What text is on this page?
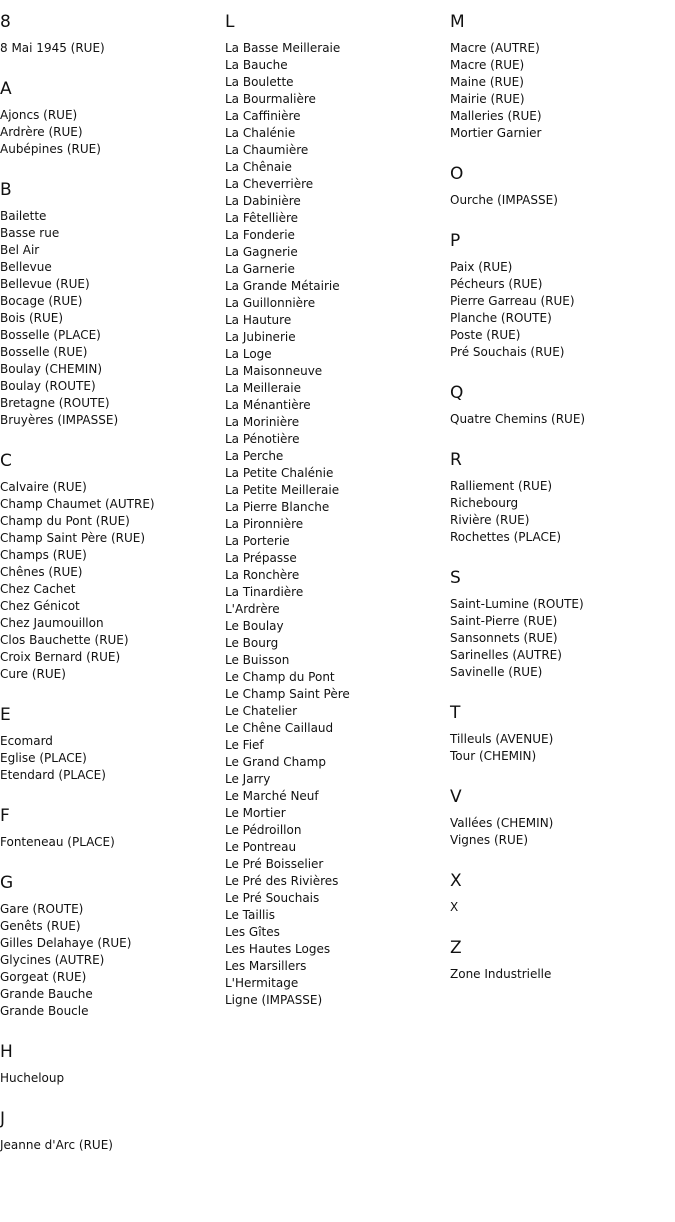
8
8 Mai 1945 (RUE)
A
Ajoncs (RUE)
Ardrère (RUE)
Aubépines (RUE)
B
Bailette
Basse rue
Bel Air
Bellevue
Bellevue (RUE)
Bocage (RUE)
Bois (RUE)
Bosselle (PLACE)
Bosselle (RUE)
Boulay (CHEMIN)
Boulay (ROUTE)
Bretagne (ROUTE)
Bruyères (IMPASSE)
C
Calvaire (RUE)
Champ Chaumet (AUTRE)
Champ du Pont (RUE)
Champ Saint Père (RUE)
Champs (RUE)
Chênes (RUE)
Chez Cachet
Chez Génicot
Chez Jaumouillon
Clos Bauchette (RUE)
Croix Bernard (RUE)
Cure (RUE)
E
Ecomard
Eglise (PLACE)
Etendard (PLACE)
F
Fonteneau (PLACE)
G
Gare (ROUTE)
Genêts (RUE)
Gilles Delahaye (RUE)
Glycines (AUTRE)
Gorgeat (RUE)
Grande Bauche
Grande Boucle
H
Hucheloup
J
Jeanne d'Arc (RUE)
L
La Basse Meilleraie
La Bauche
La Boulette
La Bourmalière
La Caffinière
La Chalénie
La Chaumière
La Chênaie
La Cheverrière
La Dabinière
La Fêtellière
La Fonderie
La Gagnerie
La Garnerie
La Grande Métairie
La Guillonnière
La Hauture
La Jubinerie
La Loge
La Maisonneuve
La Meilleraie
La Ménantière
La Morinière
La Pénotière
La Perche
La Petite Chalénie
La Petite Meilleraie
La Pierre Blanche
La Pironnière
La Porterie
La Prépasse
La Ronchère
La Tinardière
L'Ardrère
Le Boulay
Le Bourg
Le Buisson
Le Champ du Pont
Le Champ Saint Père
Le Chatelier
Le Chêne Caillaud
Le Fief
Le Grand Champ
Le Jarry
Le Marché Neuf
Le Mortier
Le Pédroillon
Le Pontreau
Le Pré Boisselier
Le Pré des Rivières
Le Pré Souchais
Le Taillis
Les Gîtes
Les Hautes Loges
Les Marsillers
L'Hermitage
Ligne (IMPASSE)
M
Macre (AUTRE)
Macre (RUE)
Maine (RUE)
Mairie (RUE)
Malleries (RUE)
Mortier Garnier
O
Ourche (IMPASSE)
P
Paix (RUE)
Pécheurs (RUE)
Pierre Garreau (RUE)
Planche (ROUTE)
Poste (RUE)
Pré Souchais (RUE)
Q
Quatre Chemins (RUE)
R
Ralliement (RUE)
Richebourg
Rivière (RUE)
Rochettes (PLACE)
S
Saint-Lumine (ROUTE)
Saint-Pierre (RUE)
Sansonnets (RUE)
Sarinelles (AUTRE)
Savinelle (RUE)
T
Tilleuls (AVENUE)
Tour (CHEMIN)
V
Vallées (CHEMIN)
Vignes (RUE)
X
X
Z
Zone Industrielle
